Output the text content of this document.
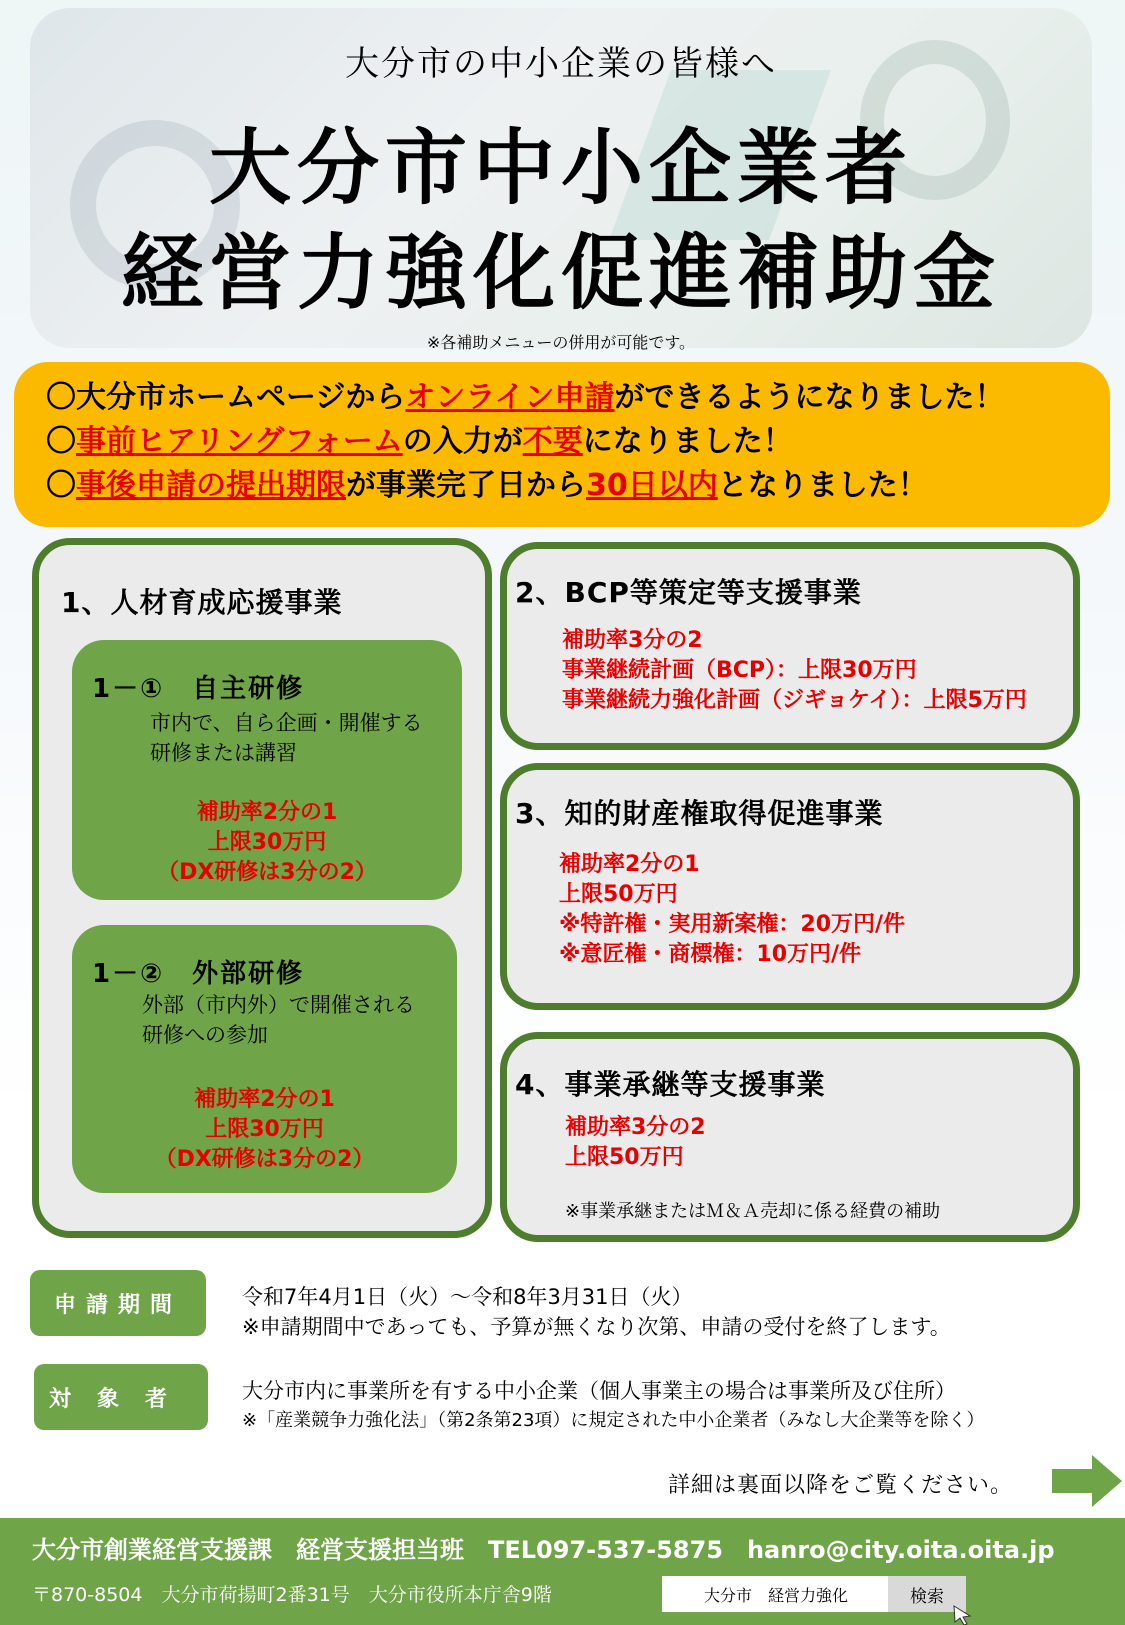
大分市の中小企業の皆様へ
大分市中小企業者
経営力強化促進補助金
※各補助メニューの併用が可能です。
〇大分市ホームページからオンライン申請ができるようになりました！
〇事前ヒアリングフォームの入力が不要になりました！
〇事後申請の提出期限が事業完了日から30日以内となりました！
1、人材育成応援事業
1－①　自主研修
市内で、自ら企画・開催する
研修または講習
補助率2分の1
上限30万円
（DX研修は3分の2）
1－②　外部研修
外部（市内外）で開催される
研修への参加
補助率2分の1
上限30万円
（DX研修は3分の2）
2、BCP等策定等支援事業
補助率3分の2
事業継続計画（BCP）：上限30万円
事業継続力強化計画（ジギョケイ）：上限5万円
3、知的財産権取得促進事業
補助率2分の1
上限50万円
※特許権・実用新案権：20万円/件
※意匠権・商標権：10万円/件
4、事業承継等支援事業
補助率3分の2
上限50万円
※事業承継またはＭ＆Ａ売却に係る経費の補助
申請期間	令和7年4月1日（火）～令和8年3月31日（火）
※申請期間中であっても、予算が無くなり次第、申請の受付を終了します。
対象者	大分市内に事業所を有する中小企業（個人事業主の場合は事業所及び住所）
※「産業競争力強化法」（第2条第23項）に規定された中小企業者（みなし大企業等を除く）
詳細は裏面以降をご覧ください。
大分市創業経営支援課　経営支援担当班　TEL097-537-5875　hanro@city.oita.oita.jp
〒870-8504　大分市荷揚町2番31号　大分市役所本庁舎9階	大分市　経営力強化	検索
